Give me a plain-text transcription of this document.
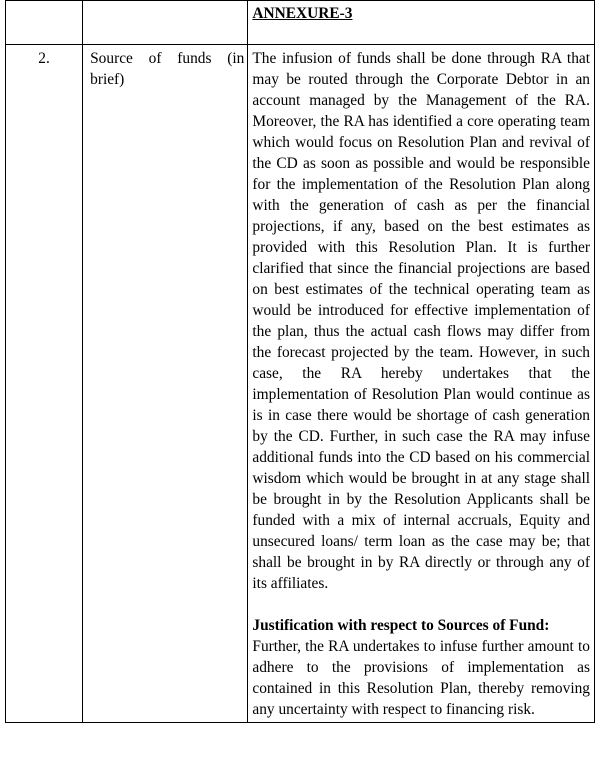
		ANNEXURE-3

2.	Source of funds (in brief)	The infusion of funds shall be done through RA that may be routed through the Corporate Debtor in an account managed by the Management of the RA. Moreover, the RA has identified a core operating team which would focus on Resolution Plan and revival of the CD as soon as possible and would be responsible for the implementation of the Resolution Plan along with the generation of cash as per the financial projections, if any, based on the best estimates as provided with this Resolution Plan. It is further clarified that since the financial projections are based on best estimates of the technical operating team as would be introduced for effective implementation of the plan, thus the actual cash flows may differ from the forecast projected by the team. However, in such case, the RA hereby undertakes that the implementation of Resolution Plan would continue as is in case there would be shortage of cash generation by the CD. Further, in such case the RA may infuse additional funds into the CD based on his commercial wisdom which would be brought in at any stage shall be brought in by the Resolution Applicants shall be funded with a mix of internal accruals, Equity and unsecured loans/ term loan as the case may be; that shall be brought in by RA directly or through any of its affiliates.
Justification with respect to Sources of Fund:
Further, the RA undertakes to infuse further amount to adhere to the provisions of implementation as contained in this Resolution Plan, thereby removing any uncertainty with respect to financing risk.
